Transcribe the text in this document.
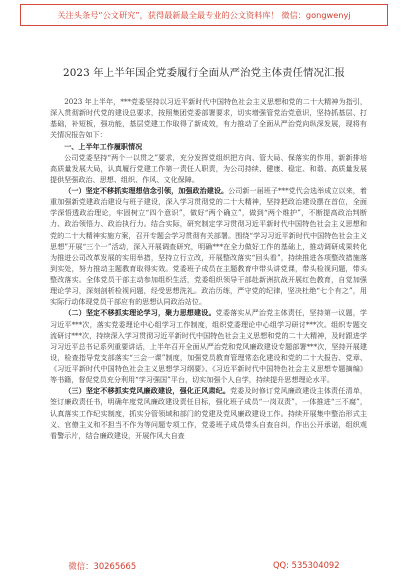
关注头条号“公文研究”，获得最新最全最专业的公文资料库！ 微信：gongwenyj
2023 年上半年国企党委履行全面从严治党主体责任情况汇报

2023 年上半年，***党委坚持以习近平新时代中国特色社会主义思想和党的二十大精神为指引，深入贯彻新时代党的建设总要求，按照集团党委部署要求，切实增强管党治党意识，坚持抓基层、打基础，补短板，强功能，基层党建工作取得了新成效，有力推动了全面从严治党向纵深发展，现将有关情况报告如下：

一、上半年工作履职情况

公司党委坚持“两个一以贯之”要求，充分发挥党组织把方向、管大局、保落实的作用，新新排培高质量发展大局，认真履行党建工作第一责任人职责，为公司持续、健康、稳定、和谐、高质量发展提供坚强政治、思想、组织、作风、文化保障。

（一）坚定不移抓实理想信念引领，加强政治建设。公司新一届班子***党代会选举成立以来，着重加强新党建政治建设与班子建设，深入学习贯彻党的二十大精神，坚持把政治建设摆在首位，全面学深悟透政治理论，牢固树立“四个意识”，做好“两个确立”，做到“两个维护”，不断提高政治判断力、政治领悟力、政治执行力。结合实际，研究制定学习贯彻习近平新时代中国特色社会主义思想和党的二十大精神实施方案，召开专题会学习贯彻有关部署。围绕“学习习近平新时代中国特色社会主义思想”开展“三个一”活动，深入开展调查研究，明确***在全力做好工作的基础上，推动调研成果转化为推进公司改革发展的实用举措，坚持立行立改，开展整改落实“回头看”，持续推进各项整改措施落到实处，努力推动主题教育取得实效。党委班子成员在主题教育中带头讲党课，带头检视问题，带头整改落实。全体党员干部主动参加组织生活，党委组织领导干部赴新洲抗战开展红色教育，自觉加强理论学习，深刻剖析检视问题，经受思想洗礼。政治历练，严守党的纪律，坚决杜绝“七个有之”，用实际行动体现党员干部应有的思想认同政治站位。

（二）坚定不移抓实理论学习，聚力思想建设。党委落实从严治党主体责任，坚持第一议题，学习近平***次，落实党委理论中心组学习工作制度，组织党委理论中心组学习研讨***次。组织专题交流研讨***次，持续深入学习贯彻习近平新时代中国特色社会主义思想和党的二十大精神，及时跟进学习习近平总书记系列重要讲话，上半年召开全面从严治党和党风廉政建设专题部署***次，坚持开展建设，检查指导党支部落实“三会一课”制度，加强党员教育管理常态化建设和党的二十大报告、党章、《习近平新时代中国特色社会主义思想学习纲要》、《习近平新时代中国特色社会主义思想专题摘编》等书籍，督促党员充分利用“学习强国”平台，切实加强个人自学，持续提升思想理论水平。

（三）坚定不移抓实党风廉政建设，强化正风肃纪。党委及时修订党风廉政建设主体责任清单，签订廉政责任书，明确年度党风廉政建设责任目标，强化班子成员“一岗双责”，一体推进“三不腐”，认真落实工作纪实制度，抓实分管领域和部门的党建及党风廉政建设工作。持续开展集中整治形式主义、官僚主义和不担当不作为等问题专项工作，党委班子成员带头自查自纠，作出公开承诺，组织观看警示片，结合廉政建设，开展作风大自查

微信：30265665	QQ: 535304092
